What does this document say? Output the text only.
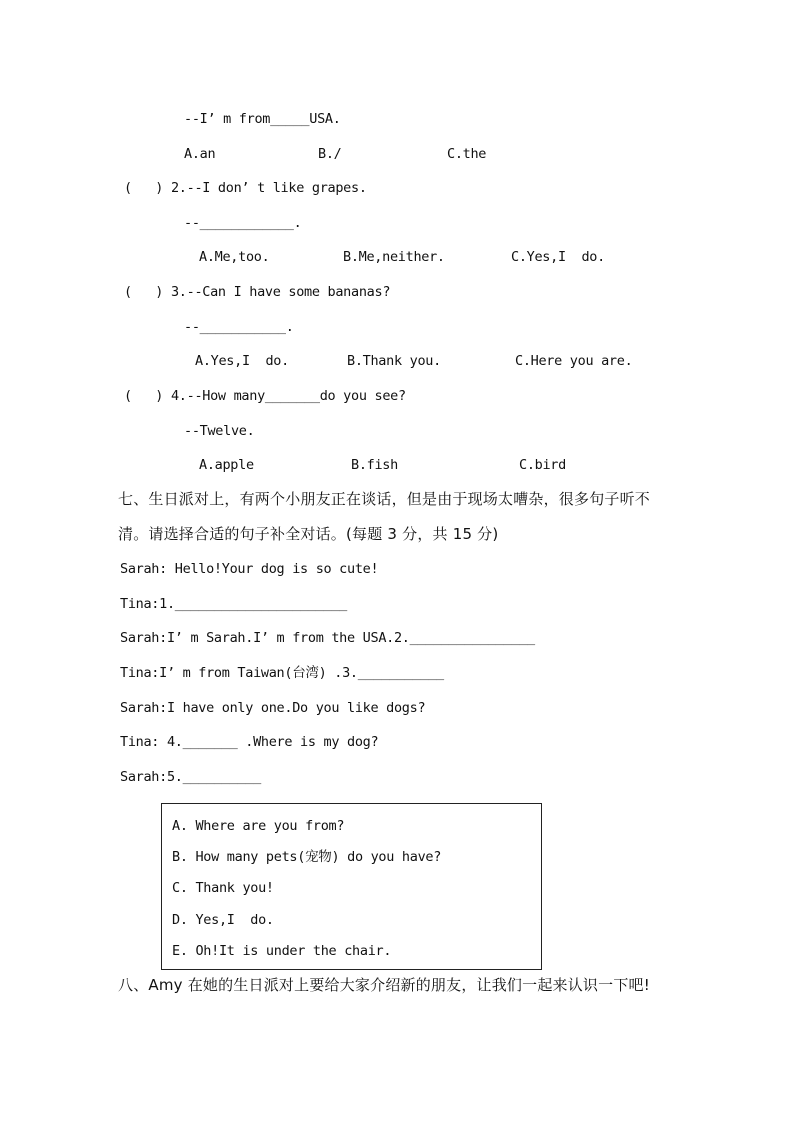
--I’ m from_____USA.
A.an	B./	C.the
(   ) 2.--I don’ t like grapes.
--____________.
A.Me,too.	B.Me,neither.	C.Yes,I  do.
(   ) 3.--Can I have some bananas?
--___________.
A.Yes,I  do.	B.Thank you.	C.Here you are.
(   ) 4.--How many_______do you see?
--Twelve.
A.apple	B.fish	C.bird
七、生日派对上，有两个小朋友正在谈话，但是由于现场太嘈杂，很多句子听不
清。请选择合适的句子补全对话。(每题 3 分，共 15 分)
Sarah: Hello!Your dog is so cute!
Tina:1.______________________
Sarah:I’ m Sarah.I’ m from the USA.2.________________
Tina:I’ m from Taiwan(台湾) .3.___________
Sarah:I have only one.Do you like dogs?
Tina: 4._______ .Where is my dog?
Sarah:5.__________
A. Where are you from?
B. How many pets(宠物) do you have?
C. Thank you!
D. Yes,I  do.
E. Oh!It is under the chair.
八、Amy 在她的生日派对上要给大家介绍新的朋友，让我们一起来认识一下吧!
